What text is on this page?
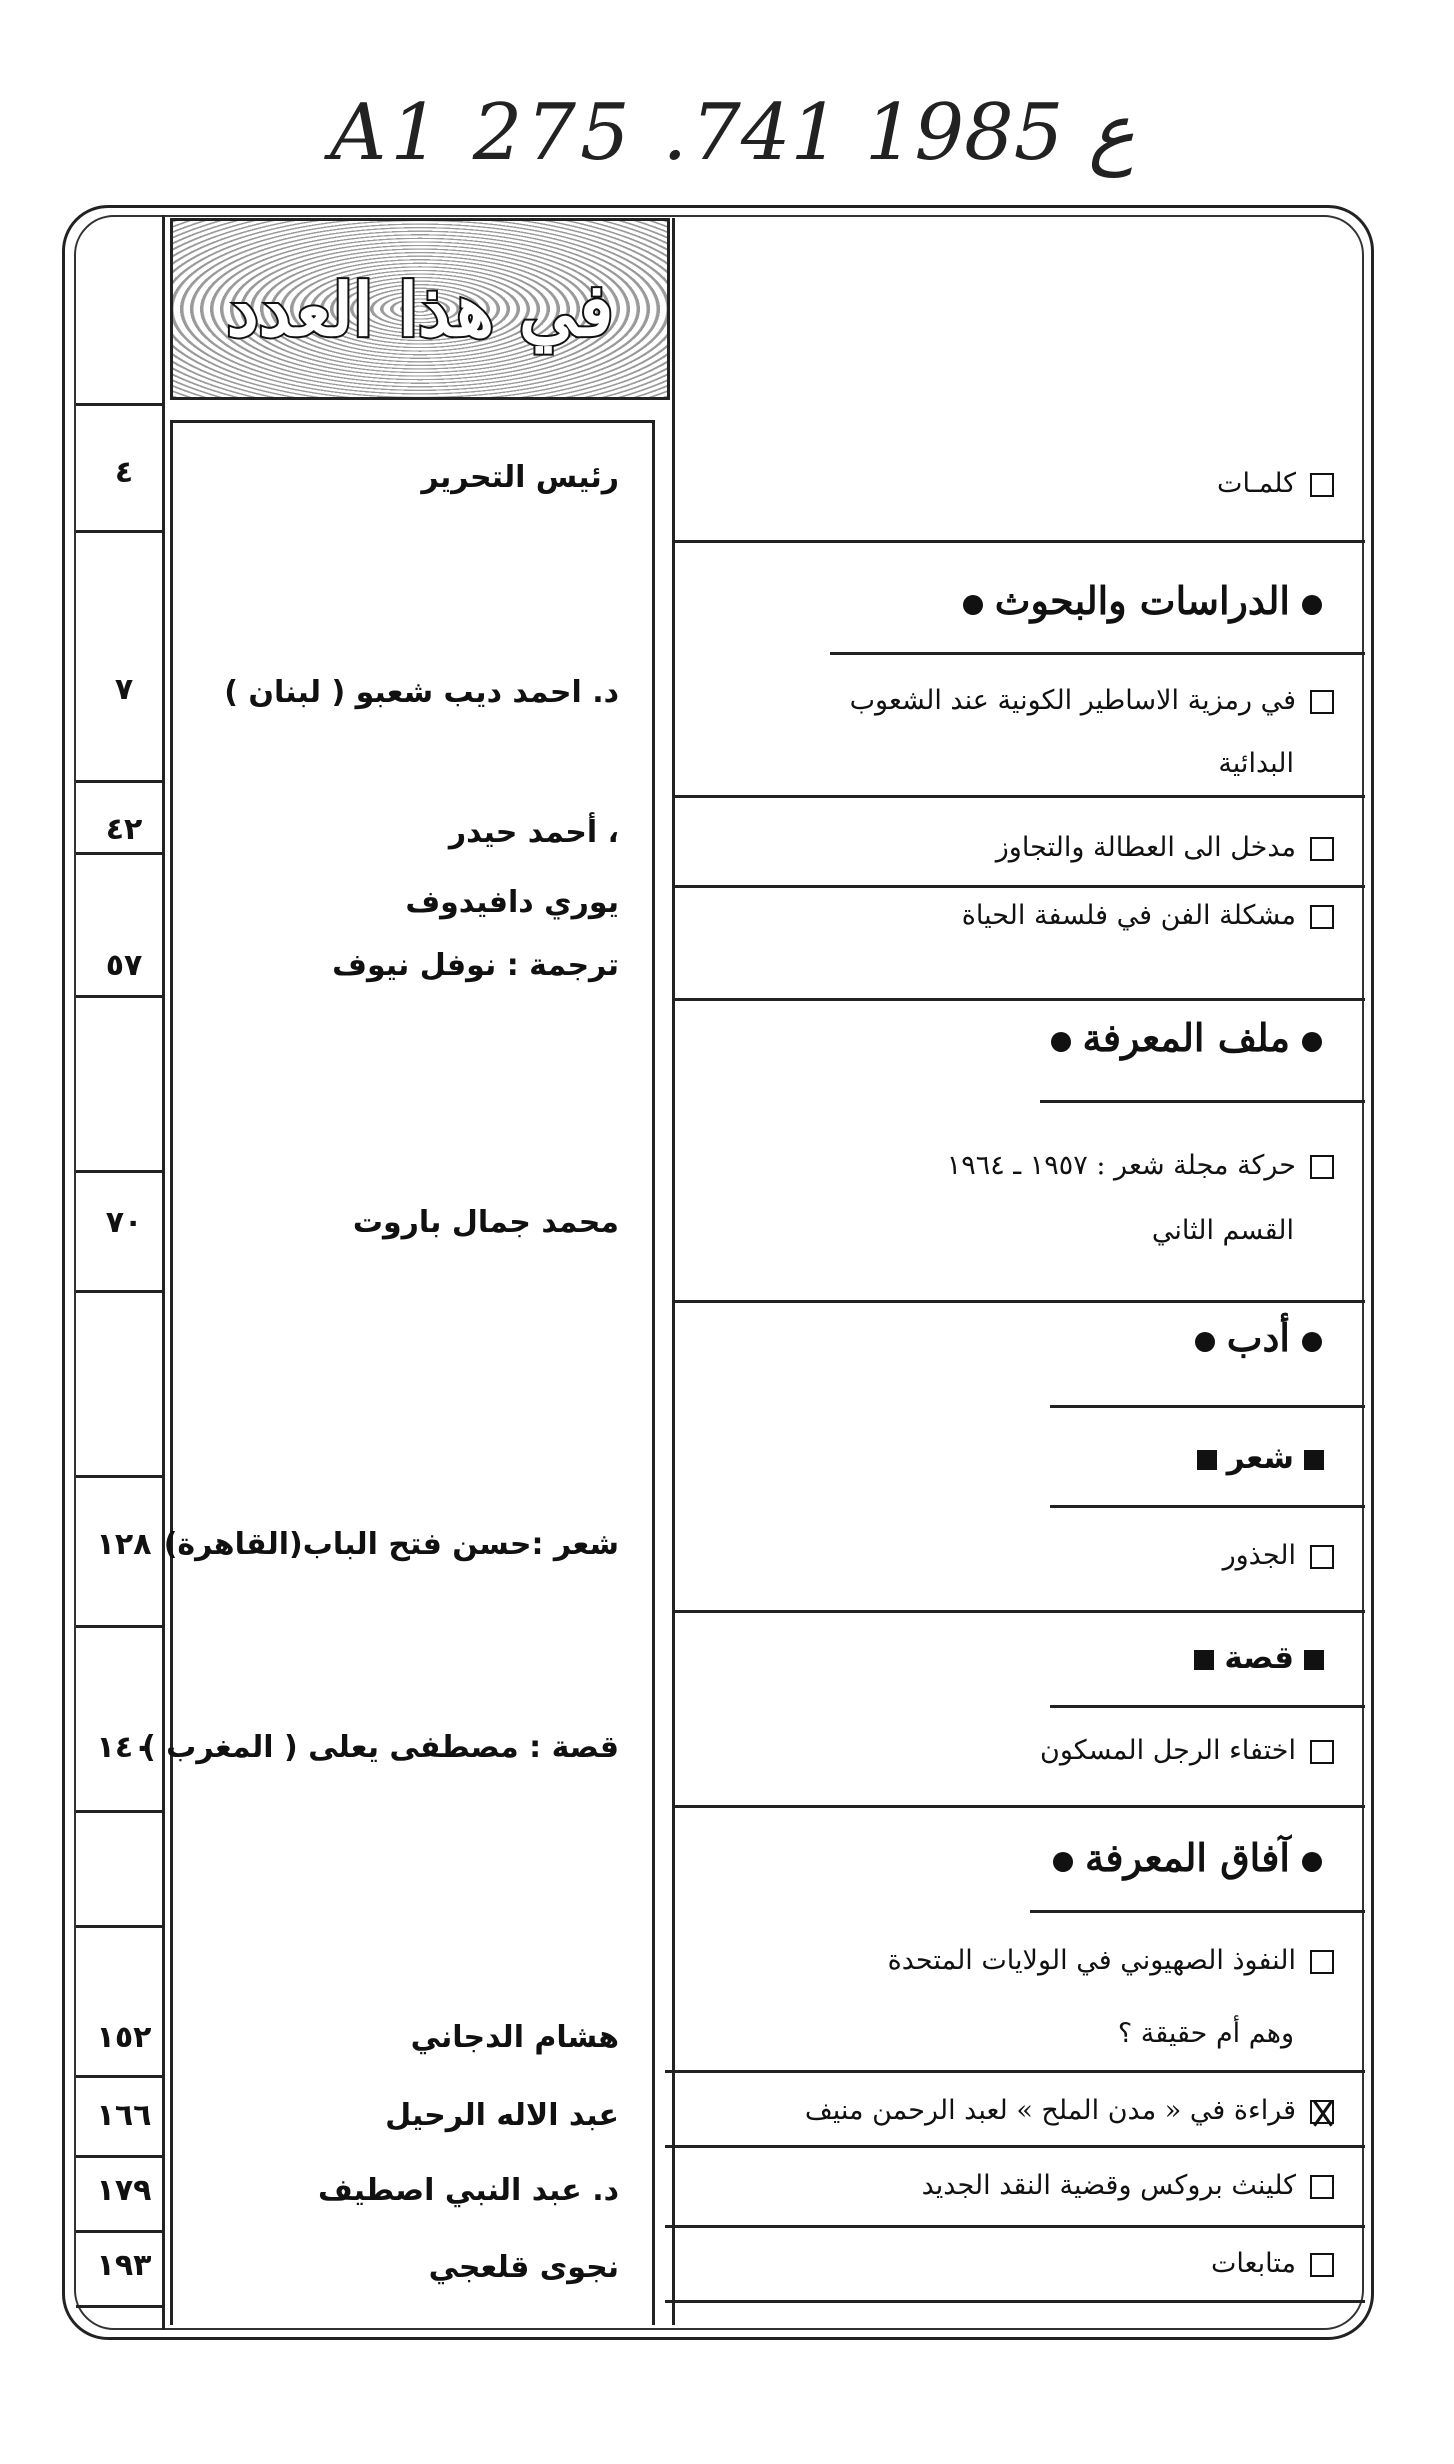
A1 275 .ع 1985 741
في هذا العدد
٤
٧
٤٢
٥٧
٧٠
١٢٨
١٤٠
١٥٢
١٦٦
١٧٩
١٩٣
رئيس التحرير
د. احمد ديب شعبو ( لبنان )
، أحمد حيدر
يوري دافيدوف
ترجمة : نوفل نيوف
محمد جمال باروت
شعر :حسن فتح الباب(القاهرة)
قصة : مصطفى يعلى ( المغرب )
هشام الدجاني
عبد الاله الرحيل
د. عبد النبي اصطيف
نجوى قلعجي
كلمـات
الدراسات والبحوث
في رمزية الاساطير الكونية عند الشعوب
البدائية
مدخل الى العطالة والتجاوز
مشكلة الفن في فلسفة الحياة
ملف المعرفة
حركة مجلة شعر : ١٩٥٧ ـ ١٩٦٤
القسم الثاني
أدب
شعر
الجذور
قصة
اختفاء الرجل المسكون
آفاق المعرفة
النفوذ الصهيوني في الولايات المتحدة
وهم أم حقيقة ؟
قراءة في « مدن الملح » لعبد الرحمن منيف
كلينث بروكس وقضية النقد الجديد
متابعات
